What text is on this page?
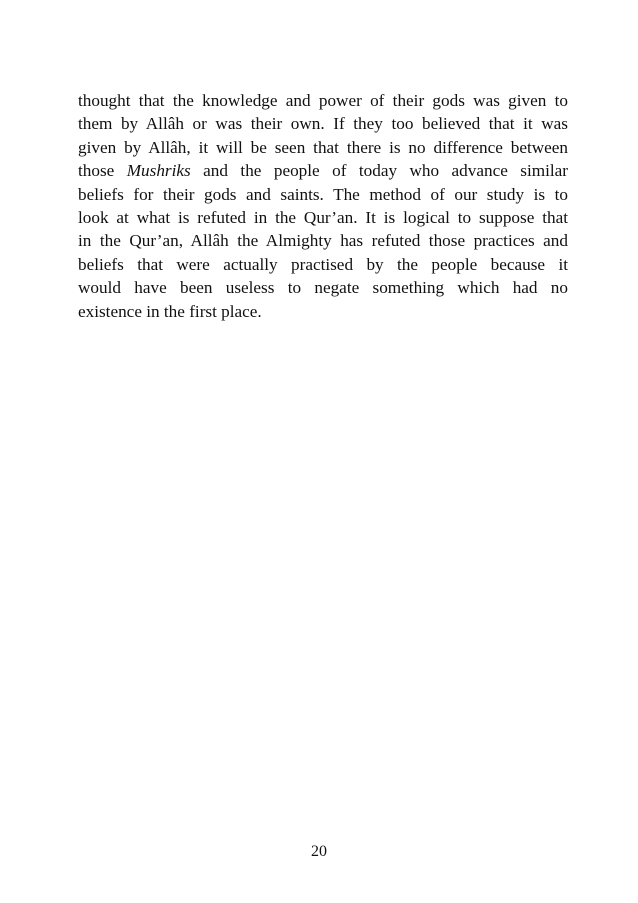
thought that the knowledge and power of their gods was given to
them by Allâh or was their own. If they too believed that it was
given by Allâh, it will be seen that there is no difference between
those Mushriks and the people of today who advance similar
beliefs for their gods and saints. The method of our study is to
look at what is refuted in the Qur’an. It is logical to suppose that
in the Qur’an, Allâh the Almighty has refuted those practices and
beliefs that were actually practised by the people because it
would have been useless to negate something which had no
existence in the first place.
20
